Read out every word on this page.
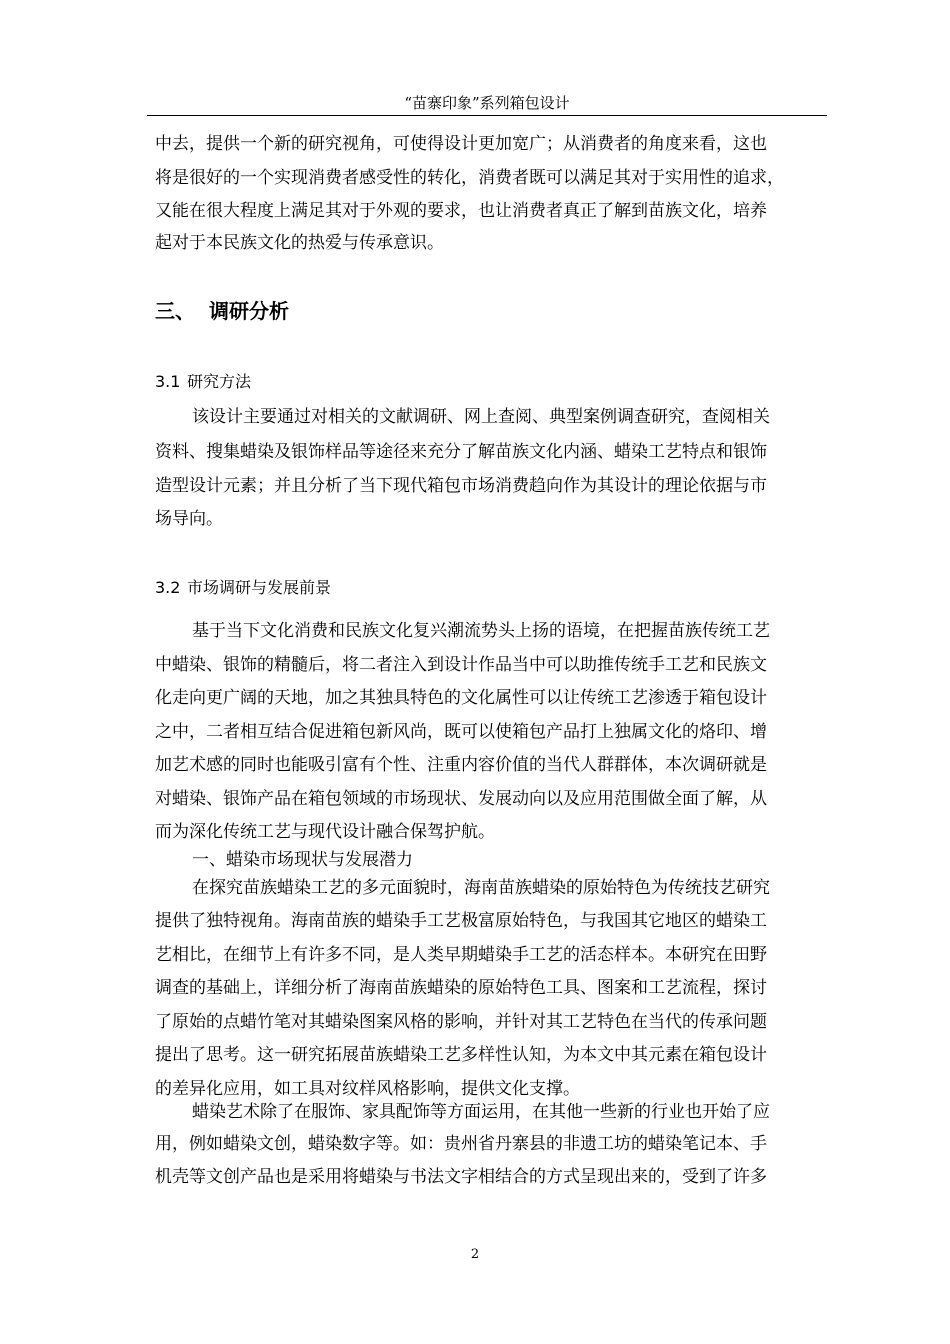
“苗寨印象”系列箱包设计
中去，提供一个新的研究视角，可使得设计更加宽广；从消费者的角度来看，这也
将是很好的一个实现消费者感受性的转化，消费者既可以满足其对于实用性的追求，
又能在很大程度上满足其对于外观的要求，也让消费者真正了解到苗族文化，培养
起对于本民族文化的热爱与传承意识。
三、 调研分析
3.1 研究方法
该设计主要通过对相关的文献调研、网上查阅、典型案例调查研究，查阅相关
资料、搜集蜡染及银饰样品等途径来充分了解苗族文化内涵、蜡染工艺特点和银饰
造型设计元素；并且分析了当下现代箱包市场消费趋向作为其设计的理论依据与市
场导向。
3.2 市场调研与发展前景
基于当下文化消费和民族文化复兴潮流势头上扬的语境，在把握苗族传统工艺
中蜡染、银饰的精髓后，将二者注入到设计作品当中可以助推传统手工艺和民族文
化走向更广阔的天地，加之其独具特色的文化属性可以让传统工艺渗透于箱包设计
之中，二者相互结合促进箱包新风尚，既可以使箱包产品打上独属文化的烙印、增
加艺术感的同时也能吸引富有个性、注重内容价值的当代人群群体，本次调研就是
对蜡染、银饰产品在箱包领域的市场现状、发展动向以及应用范围做全面了解，从
而为深化传统工艺与现代设计融合保驾护航。
一、蜡染市场现状与发展潜力
在探究苗族蜡染工艺的多元面貌时，海南苗族蜡染的原始特色为传统技艺研究
提供了独特视角。海南苗族的蜡染手工艺极富原始特色，与我国其它地区的蜡染工
艺相比，在细节上有许多不同，是人类早期蜡染手工艺的活态样本。本研究在田野
调查的基础上，详细分析了海南苗族蜡染的原始特色工具、图案和工艺流程，探讨
了原始的点蜡竹笔对其蜡染图案风格的影响，并针对其工艺特色在当代的传承问题
提出了思考。这一研究拓展苗族蜡染工艺多样性认知，为本文中其元素在箱包设计
的差异化应用，如工具对纹样风格影响，提供文化支撑。
蜡染艺术除了在服饰、家具配饰等方面运用，在其他一些新的行业也开始了应
用，例如蜡染文创，蜡染数字等。如：贵州省丹寨县的非遗工坊的蜡染笔记本、手
机壳等文创产品也是采用将蜡染与书法文字相结合的方式呈现出来的，受到了许多
2
